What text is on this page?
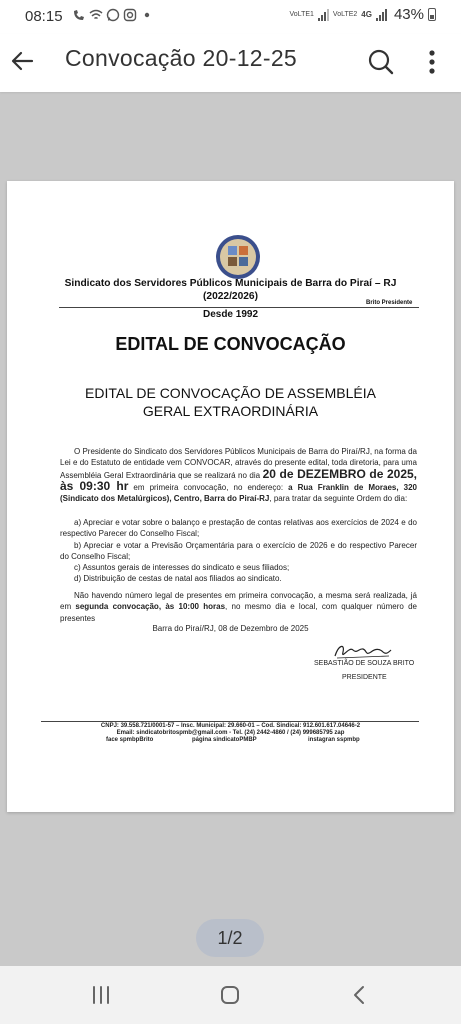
08:15	VoLTE1	VoLTE2 4G 43%
Convocação 20-12-25
Sindicato dos Servidores Públicos Municipais de Barra do Piraí – RJ
(2022/2026)
Brito Presidente
Desde 1992
EDITAL DE CONVOCAÇÃO
EDITAL DE CONVOCAÇÃO DE ASSEMBLÉIA
GERAL EXTRAORDINÁRIA
O Presidente do Sindicato dos Servidores Públicos Municipais de Barra do Piraí/RJ, na forma da Lei e do Estatuto de entidade vem CONVOCAR, através do presente edital, toda diretoria, para uma Assembléia Geral Extraordinária que se realizará no dia 20 de DEZEMBRO de 2025, às 09:30 hr em primeira convocação, no endereço: a Rua Franklin de Moraes, 320 (Sindicato dos Metalúrgicos), Centro, Barra do Piraí-RJ, para tratar da seguinte Ordem do dia:
a) Apreciar e votar sobre o balanço e prestação de contas relativas aos exercícios de 2024 e do respectivo Parecer do Conselho Fiscal;
b) Apreciar e votar a Previsão Orçamentária para o exercício de 2026 e do respectivo Parecer do Conselho Fiscal;
c) Assuntos gerais de interesses do sindicato e seus filiados;
d) Distribuição de cestas de natal aos filiados ao sindicato.
Não havendo número legal de presentes em primeira convocação, a mesma será realizada, já em segunda convocação, às 10:00 horas, no mesmo dia e local, com qualquer número de presentes
Barra do Piraí/RJ, 08 de Dezembro de 2025
SEBASTIÃO DE SOUZA BRITO
PRESIDENTE
CNPJ: 39.558.721/0001-57 – Insc. Municipal: 29.660-01 – Cod. Sindical: 912.601.617.04646-2
Email: sindicatobritospmb@gmail.com - Tel. (24) 2442-4860 / (24) 999685795 zap
face spmbpBrito	página sindicatoPMBP	instagran sspmbp
1/2
